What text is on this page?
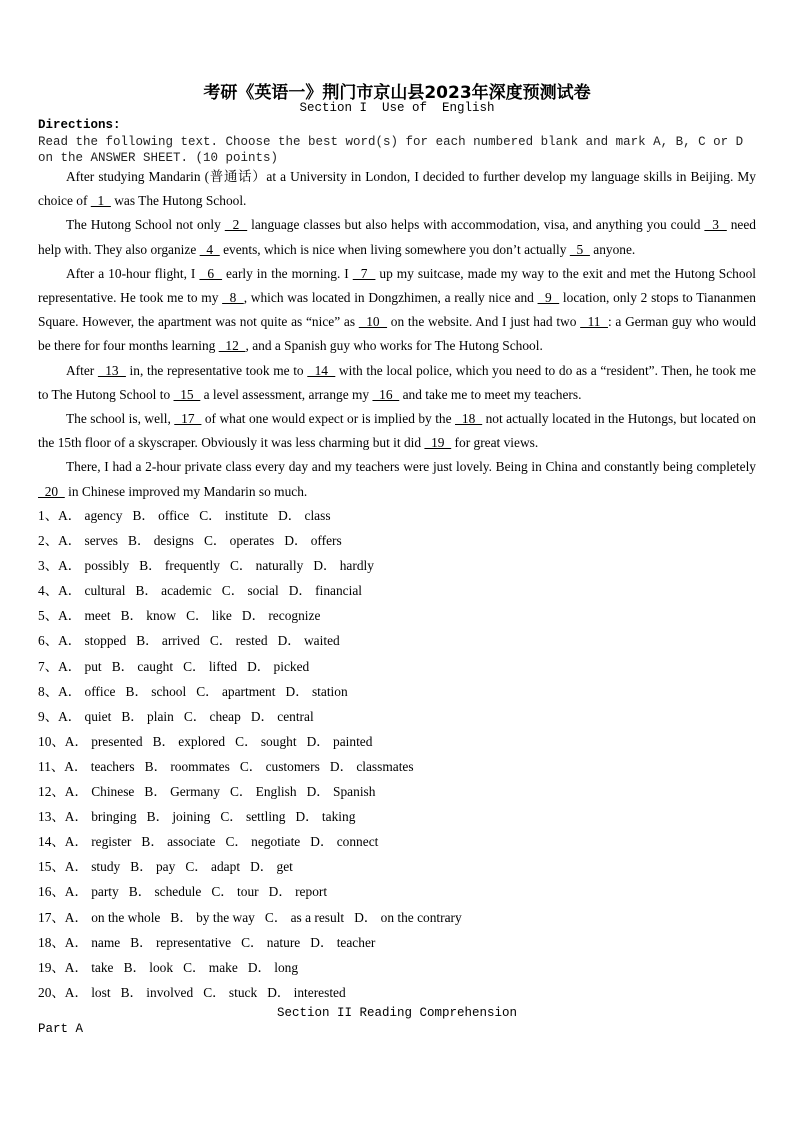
考研《英语一》荆门市京山县2023年深度预测试卷
Section I  Use of  English
Directions:
Read the following text. Choose the best word(s) for each numbered blank and mark A, B, C or D on the ANSWER SHEET. (10 points)

After studying Mandarin (普通话）at a University in London, I decided to further develop my language skills in Beijing. My choice of   1   was The Hutong School.

The Hutong School not only   2   language classes but also helps with accommodation, visa, and anything you could   3   need help with. They also organize   4   events, which is nice when living somewhere you don’t actually   5   anyone.

After a 10-hour flight, I   6   early in the morning. I   7   up my suitcase, made my way to the exit and met the Hutong School representative. He took me to my   8  , which was located in Dongzhimen, a really nice and   9   location, only 2 stops to Tiananmen Square. However, the apartment was not quite as “nice” as   10   on the website. And I just had two   11  : a German guy who would be there for four months learning   12  , and a Spanish guy who works for The Hutong School.

After   13   in, the representative took me to   14   with the local police, which you need to do as a “resident”. Then, he took me to The Hutong School to   15   a level assessment, arrange my   16   and take me to meet my teachers.

The school is, well,   17   of what one would expect or is implied by the   18   not actually located in the Hutongs, but located on the 15th floor of a skyscraper. Obviously it was less charming but it did   19   for great views.

There, I had a 2-hour private class every day and my teachers were just lovely. Being in China and constantly being completely   20   in Chinese improved my Mandarin so much.

1、A． agency B． office C． institute D． class
2、A． serves B． designs C． operates D． offers
3、A． possibly B． frequently C． naturally D． hardly
4、A． cultural B． academic C． social D． financial
5、A． meet B． know C． like D． recognize
6、A． stopped B． arrived C． rested D． waited
7、A． put B． caught C． lifted D． picked
8、A． office B． school C． apartment D． station
9、A． quiet B． plain C． cheap D． central
10、A． presented B． explored C． sought D． painted
11、A． teachers B． roommates C． customers D． classmates
12、A． Chinese B． Germany C． English D． Spanish
13、A． bringing B． joining C． settling D． taking
14、A． register B． associate C． negotiate D． connect
15、A． study B． pay C． adapt D． get
16、A． party B． schedule C． tour D． report
17、A． on the whole B． by the way C． as a result D． on the contrary
18、A． name B． representative C． nature D． teacher
19、A． take B． look C． make D． long
20、A． lost B． involved C． stuck D． interested
Section II Reading Comprehension
Part A
